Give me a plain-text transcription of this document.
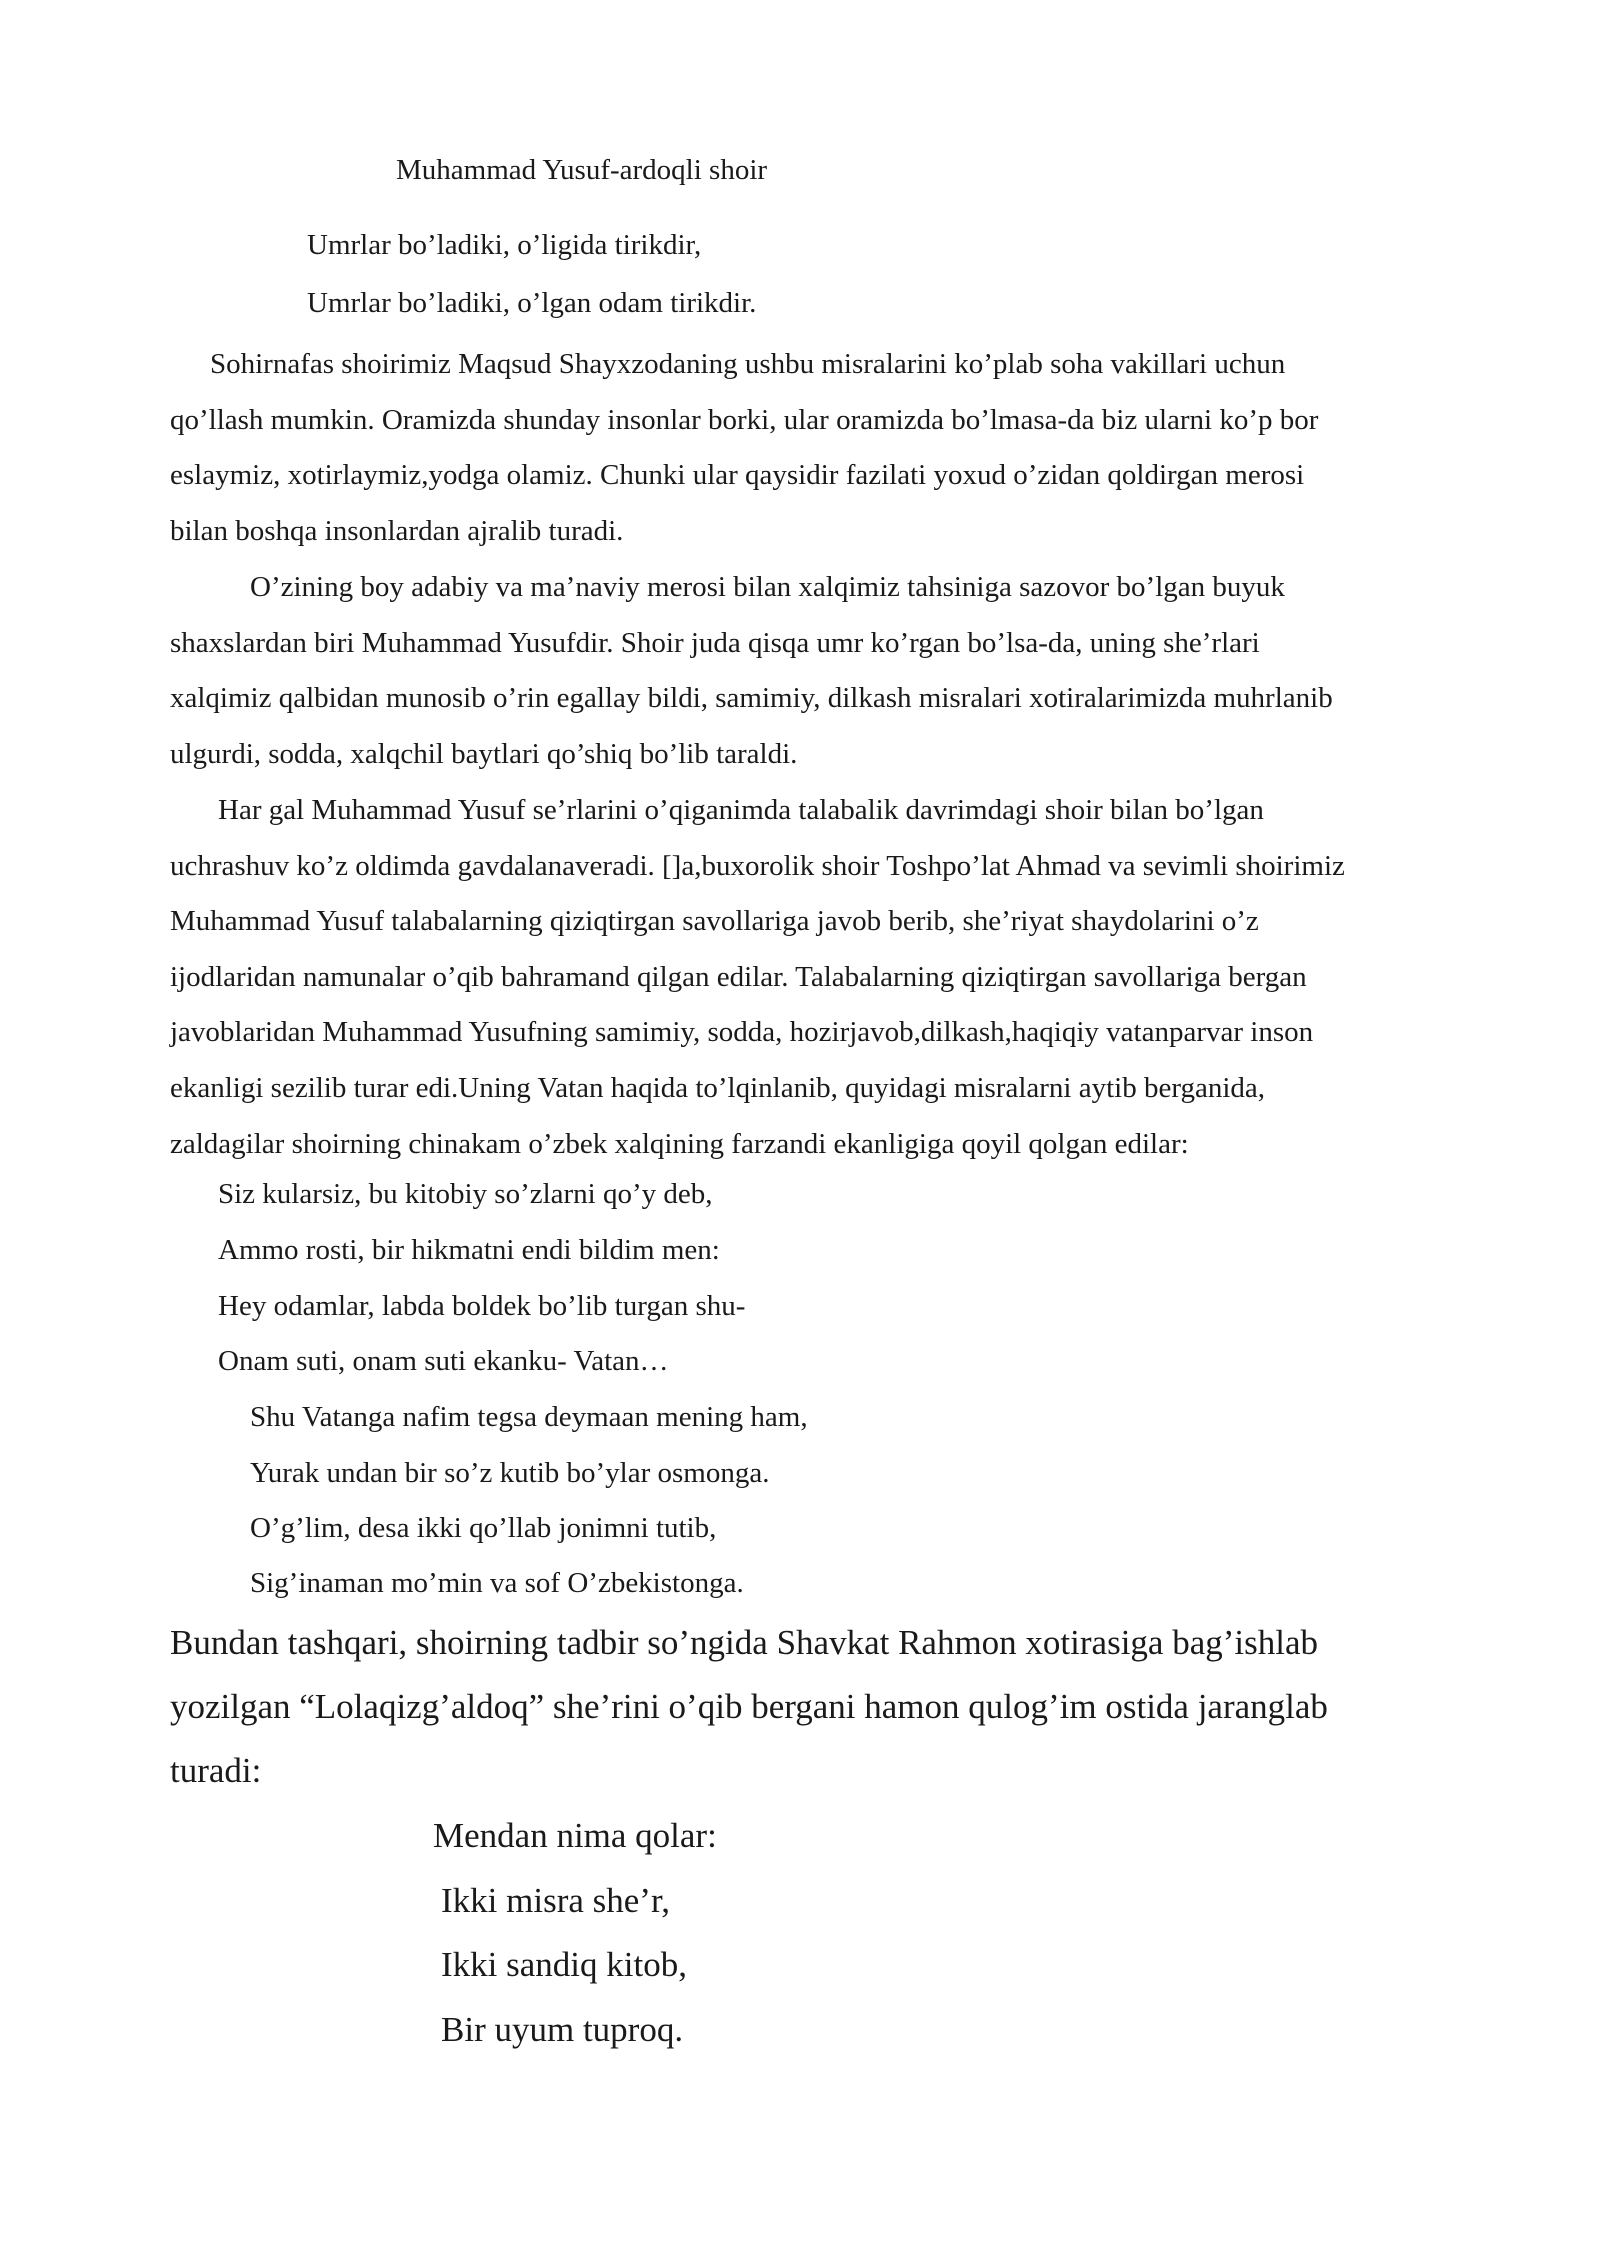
Muhammad Yusuf-ardoqli shoir
Umrlar bo’ladiki, o’ligida tirikdir,
Umrlar bo’ladiki, o’lgan odam tirikdir.
Sohirnafas shoirimiz Maqsud Shayxzodaning ushbu misralarini ko’plab soha vakillari uchun
qo’llash mumkin. Oramizda shunday insonlar borki, ular oramizda bo’lmasa-da biz ularni ko’p bor
eslaymiz, xotirlaymiz,yodga olamiz. Chunki ular qaysidir fazilati yoxud o’zidan qoldirgan merosi
bilan boshqa insonlardan ajralib turadi.
O’zining boy adabiy va ma’naviy merosi bilan xalqimiz tahsiniga sazovor bo’lgan buyuk
shaxslardan biri Muhammad Yusufdir. Shoir juda qisqa umr ko’rgan bo’lsa-da, uning she’rlari
xalqimiz qalbidan munosib o’rin egallay bildi, samimiy, dilkash misralari xotiralarimizda muhrlanib
ulgurdi, sodda, xalqchil baytlari qo’shiq bo’lib taraldi.
Har gal Muhammad Yusuf se’rlarini o’qiganimda talabalik davrimdagi shoir bilan bo’lgan
uchrashuv ko’z oldimda gavdalanaveradi. []a,buxorolik shoir Toshpo’lat Ahmad va sevimli shoirimiz
Muhammad Yusuf talabalarning qiziqtirgan savollariga javob berib, she’riyat shaydolarini o’z
ijodlaridan namunalar o’qib bahramand qilgan edilar. Talabalarning qiziqtirgan savollariga bergan
javoblaridan Muhammad Yusufning samimiy, sodda, hozirjavob,dilkash,haqiqiy vatanparvar inson
ekanligi sezilib turar edi.Uning Vatan haqida to’lqinlanib, quyidagi misralarni aytib berganida,
zaldagilar shoirning chinakam o’zbek xalqining farzandi ekanligiga qoyil qolgan edilar:
Siz kularsiz, bu kitobiy so’zlarni qo’y deb,
Ammo rosti, bir hikmatni endi bildim men:
Hey odamlar, labda boldek bo’lib turgan shu-
Onam suti, onam suti ekanku- Vatan…
Shu Vatanga nafim tegsa deymaan mening ham,
Yurak undan bir so’z kutib bo’ylar osmonga.
O’g’lim, desa ikki qo’llab jonimni tutib,
Sig’inaman mo’min va sof O’zbekistonga.
Bundan tashqari, shoirning tadbir so’ngida Shavkat Rahmon xotirasiga bag’ishlab
yozilgan “Lolaqizg’aldoq” she’rini o’qib bergani hamon qulog’im ostida jaranglab
turadi:
Mendan nima qolar:
Ikki misra she’r,
Ikki sandiq kitob,
Bir uyum tuproq.
